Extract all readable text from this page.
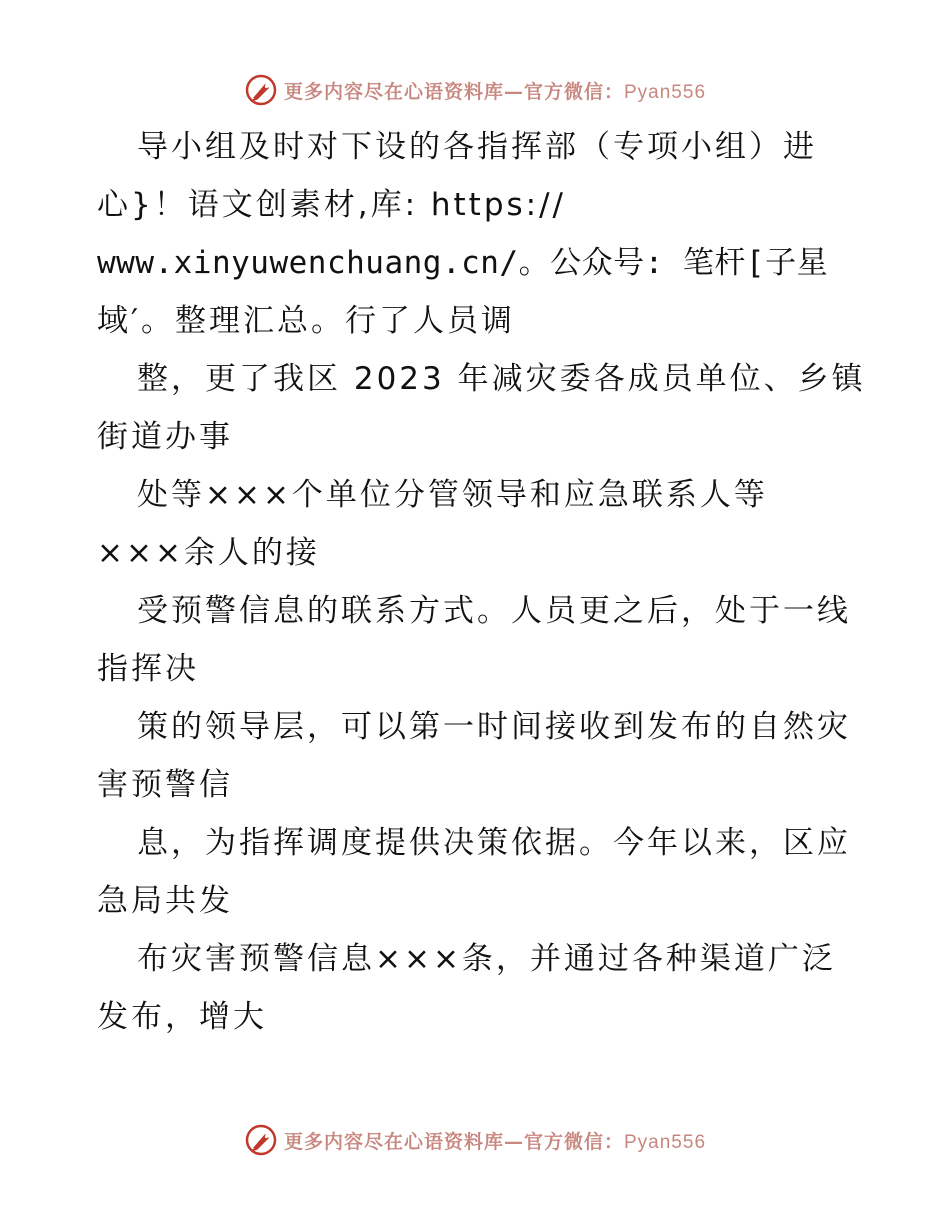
更多内容尽在心语资料库—官方微信：Pyan556
导小组及时对下设的各指挥部（专项小组）进
心}！语文创素材,库: https://
www.xinyuwenchuang.cn/。公众号: 笔杆[子星
域′。整理汇总。行了人员调
整，更了我区 2023 年减灾委各成员单位、乡镇
街道办事
处等×××个单位分管领导和应急联系人等
×××余人的接
受预警信息的联系方式。人员更之后，处于一线
指挥决
策的领导层，可以第一时间接收到发布的自然灾
害预警信
息，为指挥调度提供决策依据。今年以来，区应
急局共发
布灾害预警信息×××条，并通过各种渠道广泛
发布，增大
更多内容尽在心语资料库—官方微信：Pyan556
